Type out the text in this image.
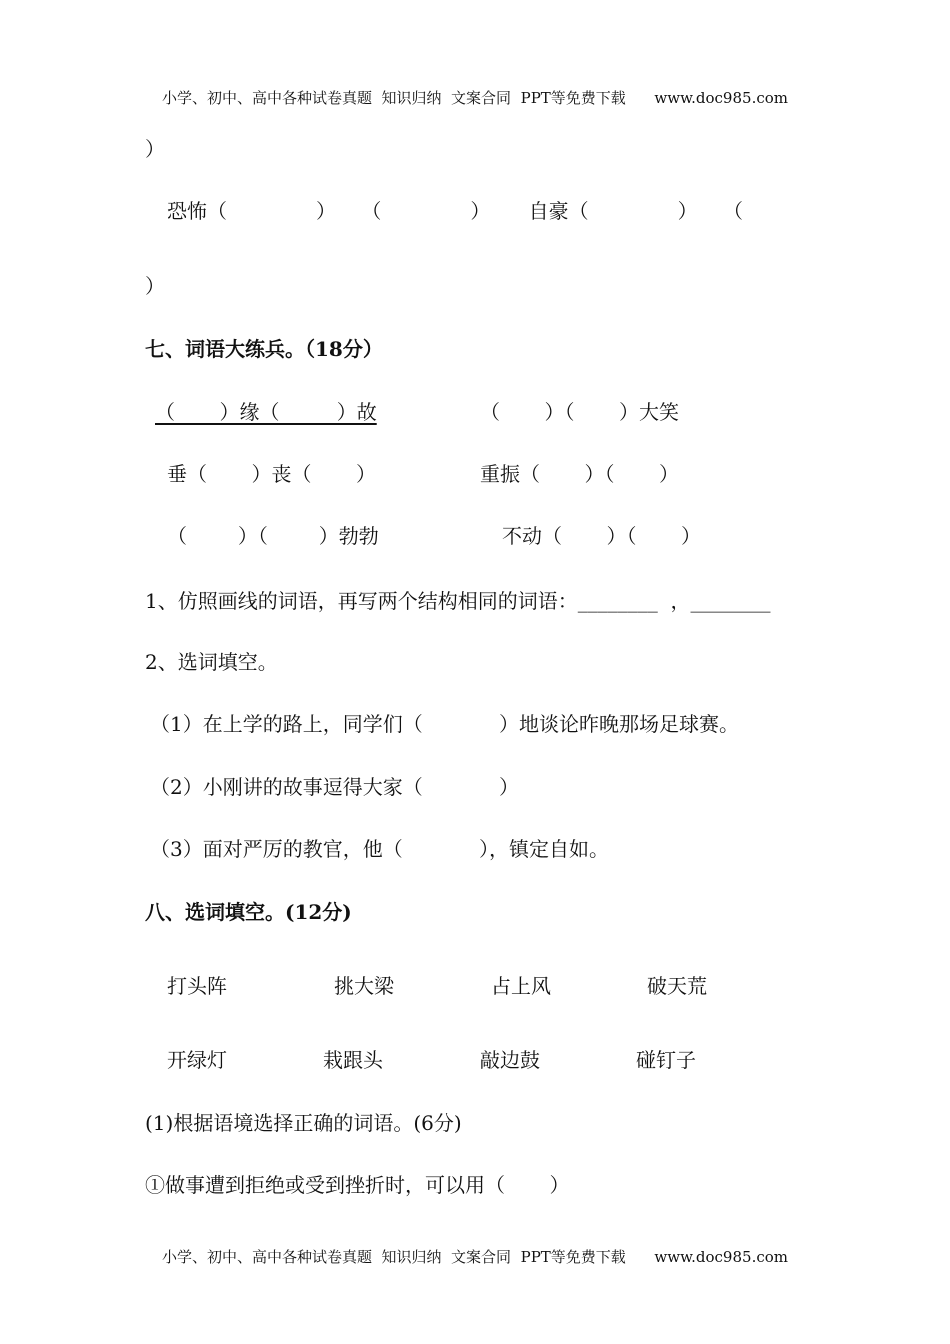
小学、初中、高中各种试卷真题  知识归纳  文案合同  PPT等免费下载      www.doc985.com
）
恐怖（              ）    （              ）      自豪（              ）    （
）
七、词语大练兵。（18分）
（       ）缘（         ）故	（       ）（       ）大笑
垂（       ）丧（       ）	重振（       ）（       ）
（        ）（        ）勃勃	不动（       ）（       ）
1、仿照画线的词语，再写两个结构相同的词语：________  ，________
2、选词填空。
（1）在上学的路上，同学们（            ）地谈论昨晚那场足球赛。
（2）小刚讲的故事逗得大家（            ）
（3）面对严厉的教官，他（            ），镇定自如。
八、选词填空。(12分)
打头阵	挑大梁	占上风	破天荒
开绿灯	栽跟头	敲边鼓	碰钉子
(1)根据语境选择正确的词语。(6分)
①做事遭到拒绝或受到挫折时，可以用（       ）
小学、初中、高中各种试卷真题  知识归纳  文案合同  PPT等免费下载      www.doc985.com
